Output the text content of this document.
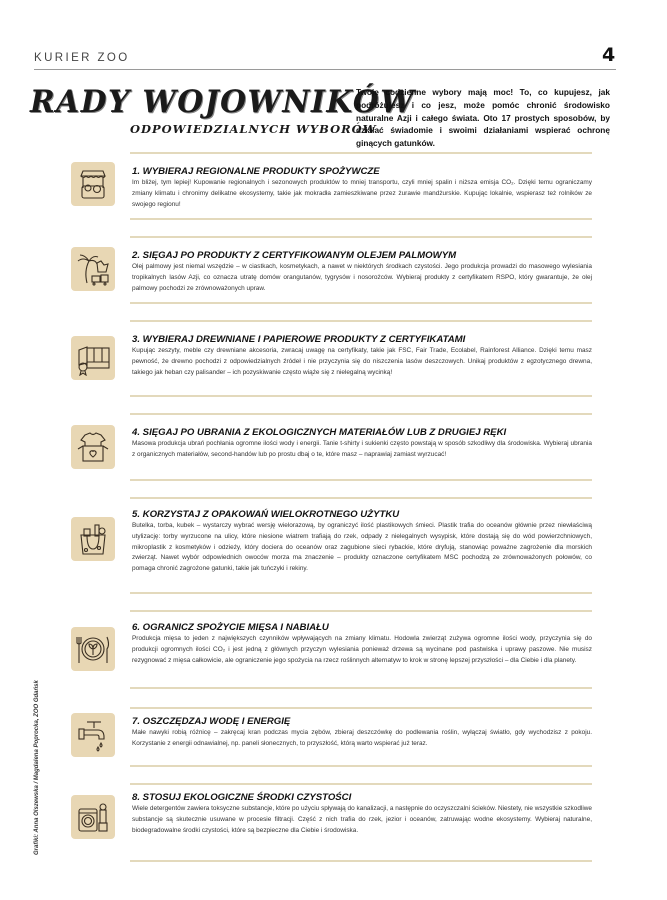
KURIER ZOO	4
RADY WOJOWNIKÓW
ODPOWIEDZIALNYCH WYBORÓW
Twoje codzienne wybory mają moc! To, co kupujesz, jak podróżujesz i co jesz, może pomóc chronić środowisko naturalne Azji i całego świata. Oto 17 prostych sposobów, by działać świadomie i swoimi działaniami wspierać ochronę ginących gatunków.
1. WYBIERAJ REGIONALNE PRODUKTY SPOŻYWCZE
Im bliżej, tym lepiej! Kupowanie regionalnych i sezonowych produktów to mniej transportu, czyli mniej spalin i niższa emisja CO₂. Dzięki temu ograniczamy zmiany klimatu i chronimy delikatne ekosystemy, takie jak mokradła zamieszkiwane przez żurawie mandżurskie. Kupując lokalnie, wspierasz też rolników ze swojego regionu!
2. SIĘGAJ PO PRODUKTY Z CERTYFIKOWANYM OLEJEM PALMOWYM
Olej palmowy jest niemal wszędzie – w ciastkach, kosmetykach, a nawet w niektórych środkach czystości. Jego produkcja prowadzi do masowego wylesiania tropikalnych lasów Azji, co oznacza utratę domów orangutanów, tygrysów i nosorożców. Wybieraj produkty z certyfikatem RSPO, który gwarantuje, że olej palmowy pochodzi ze zrównoważonych upraw.
3. WYBIERAJ DREWNIANE I PAPIEROWE PRODUKTY Z CERTYFIKATAMI
Kupując zeszyty, meble czy drewniane akcesoria, zwracaj uwagę na certyfikaty, takie jak FSC, Fair Trade, Ecolabel, Rainforest Alliance. Dzięki temu masz pewność, że drewno pochodzi z odpowiedzialnych źródeł i nie przyczynia się do niszczenia lasów deszczowych. Unikaj produktów z egzotycznego drewna, takiego jak heban czy palisander – ich pozyskiwanie często wiąże się z nielegalną wycinką!
4. SIĘGAJ PO UBRANIA Z EKOLOGICZNYCH MATERIAŁÓW LUB Z DRUGIEJ RĘKI
Masowa produkcja ubrań pochłania ogromne ilości wody i energii. Tanie t-shirty i sukienki często powstają w sposób szkodliwy dla środowiska. Wybieraj ubrania z organicznych materiałów, second-handów lub po prostu dbaj o te, które masz – naprawiaj zamiast wyrzucać!
5. KORZYSTAJ Z OPAKOWAŃ WIELOKROTNEGO UŻYTKU
Butelka, torba, kubek – wystarczy wybrać wersję wielorazową, by ograniczyć ilość plastikowych śmieci. Plastik trafia do oceanów głównie przez niewłaściwą utylizację: torby wyrzucone na ulicy, które niesione wiatrem trafiają do rzek, odpady z nielegalnych wysypisk, które dostają się do wód powierzchniowych, mikroplastik z kosmetyków i odzieży, który dociera do oceanów oraz zagubione sieci rybackie, które dryfują, stanowiąc poważne zagrożenie dla morskich zwierząt. Nawet wybór odpowiednich owoców morza ma znaczenie – produkty oznaczone certyfikatem MSC pochodzą ze zrównoważonych połowów, co pomaga chronić zagrożone gatunki, takie jak tuńczyki i rekiny.
6. OGRANICZ SPOŻYCIE MIĘSA I NABIAŁU
Produkcja mięsa to jeden z największych czynników wpływających na zmiany klimatu. Hodowla zwierząt zużywa ogromne ilości wody, przyczynia się do produkcji ogromnych ilości CO₂ i jest jedną z głównych przyczyn wylesiania ponieważ drzewa są wycinane pod pastwiska i uprawy paszowe. Nie musisz rezygnować z mięsa całkowicie, ale ograniczenie jego spożycia na rzecz roślinnych alternatyw to krok w stronę lepszej przyszłości – dla Ciebie i dla planety.
7. OSZCZĘDZAJ WODĘ I ENERGIĘ
Małe nawyki robią różnicę – zakręcaj kran podczas mycia zębów, zbieraj deszczówkę do podlewania roślin, wyłączaj światło, gdy wychodzisz z pokoju. Korzystanie z energii odnawialnej, np. paneli słonecznych, to przyszłość, którą warto wspierać już teraz.
8. STOSUJ EKOLOGICZNE ŚRODKI CZYSTOŚCI
Wiele detergentów zawiera toksyczne substancje, które po użyciu spływają do kanalizacji, a następnie do oczyszczalni ścieków. Niestety, nie wszystkie szkodliwe substancje są skutecznie usuwane w procesie filtracji. Część z nich trafia do rzek, jezior i oceanów, zatruwając wodne ekosystemy. Wybieraj naturalne, biodegradowalne środki czystości, które są bezpieczne dla Ciebie i środowiska.
Grafiki: Anna Olszewska / Magdalena Poprocka, ZOO Gdańsk
